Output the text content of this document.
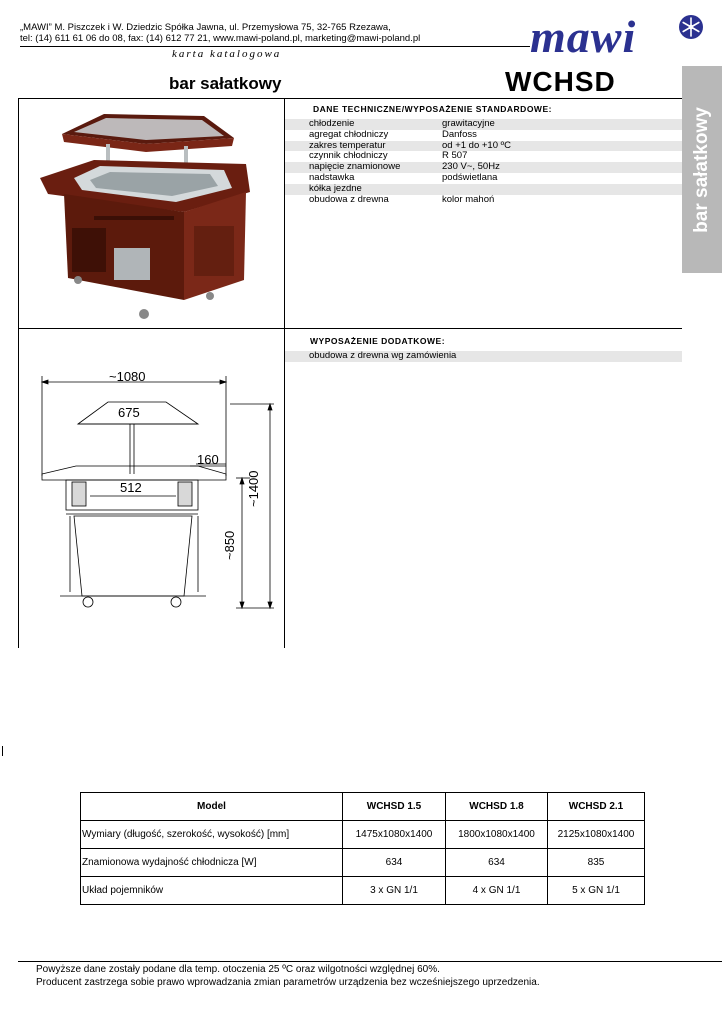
„MAWI” M. Piszczek i W. Dziedzic Spółka Jawna, ul. Przemysłowa 75, 32-765 Rzezawa,
tel: (14) 611 61 06 do 08, fax: (14) 612 77 21, www.mawi-poland.pl, marketing@mawi-poland.pl
karta katalogowa	mawi
bar sałatkowy	WCHSD
bar sałatkowy
~1080
675
160
512	~1400
~850
DANE TECHNICZNE/WYPOSAŻENIE STANDARDOWE:
chłodzenie	grawitacyjne
agregat chłodniczy	Danfoss
zakres temperatur	od +1 do +10 ºC
czynnik chłodniczy	R 507
napięcie znamionowe	230 V~, 50Hz
nadstawka	podświetlana
kółka jezdne
obudowa z drewna	kolor mahoń
WYPOSAŻENIE DODATKOWE:
obudowa z drewna wg zamówienia
Model	WCHSD 1.5	WCHSD 1.8	WCHSD 2.1
Wymiary (długość, szerokość, wysokość) [mm]	1475x1080x1400	1800x1080x1400	2125x1080x1400
Znamionowa wydajność chłodnicza [W]	634	634	835
Układ pojemników	3 x GN 1/1	4 x GN 1/1	5 x GN 1/1
Powyższe dane zostały podane dla temp. otoczenia 25 ºC oraz wilgotności względnej 60%.
Producent zastrzega sobie prawo wprowadzania zmian parametrów urządzenia bez wcześniejszego uprzedzenia.
